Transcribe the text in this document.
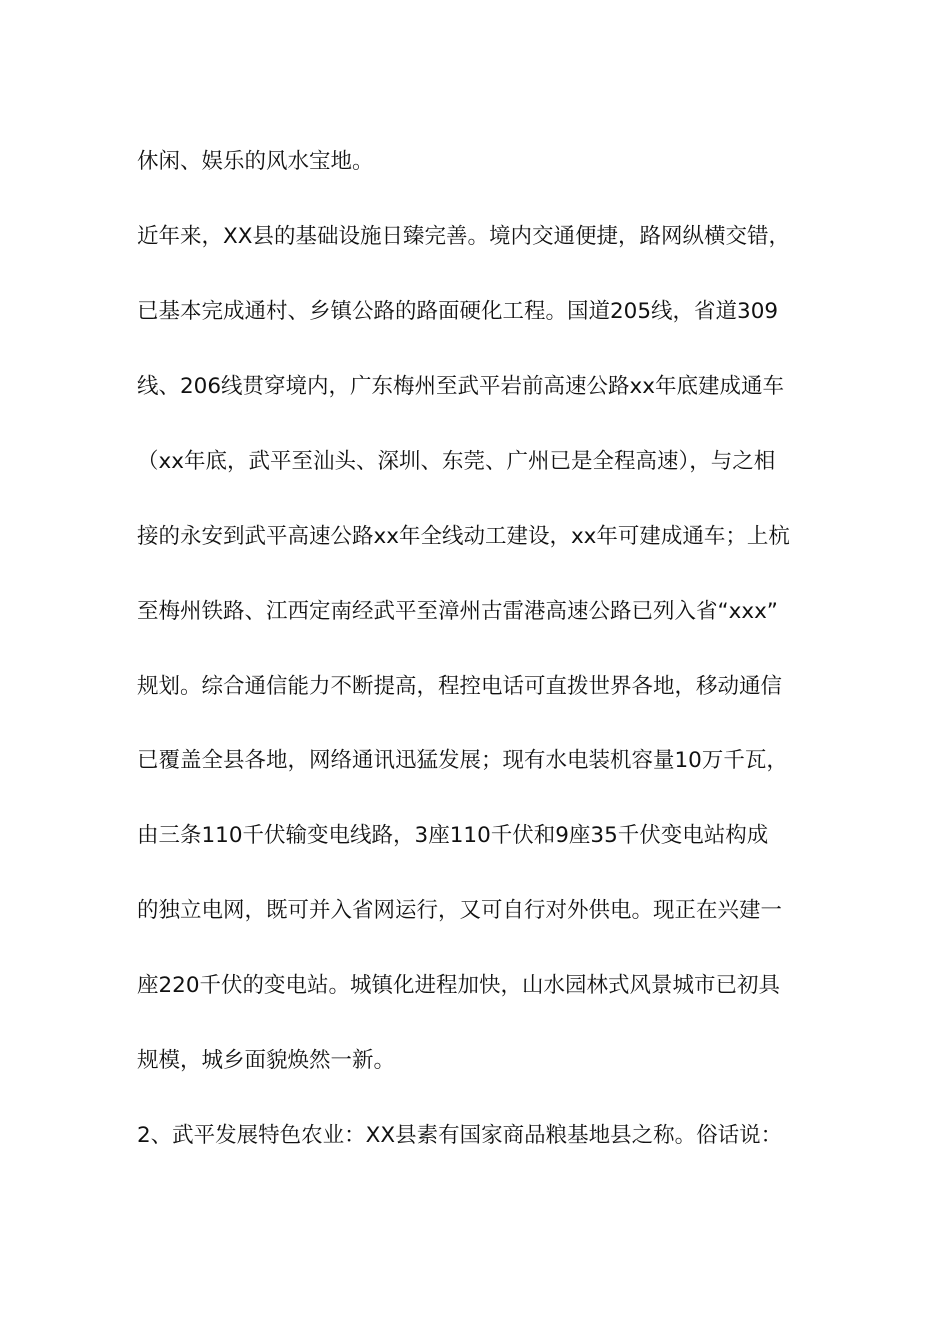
休闲、娱乐的风水宝地。
近年来，XX县的基础设施日臻完善。境内交通便捷，路网纵横交错，
已基本完成通村、乡镇公路的路面硬化工程。国道205线，省道309
线、206线贯穿境内，广东梅州至武平岩前高速公路xx年底建成通车
（xx年底，武平至汕头、深圳、东莞、广州已是全程高速），与之相
接的永安到武平高速公路xx年全线动工建设，xx年可建成通车；上杭
至梅州铁路、江西定南经武平至漳州古雷港高速公路已列入省“xxx”
规划。综合通信能力不断提高，程控电话可直拨世界各地，移动通信
已覆盖全县各地，网络通讯迅猛发展；现有水电装机容量10万千瓦，
由三条110千伏输变电线路，3座110千伏和9座35千伏变电站构成
的独立电网，既可并入省网运行，又可自行对外供电。现正在兴建一
座220千伏的变电站。城镇化进程加快，山水园林式风景城市已初具
规模，城乡面貌焕然一新。
2、武平发展特色农业：XX县素有国家商品粮基地县之称。俗话说：
